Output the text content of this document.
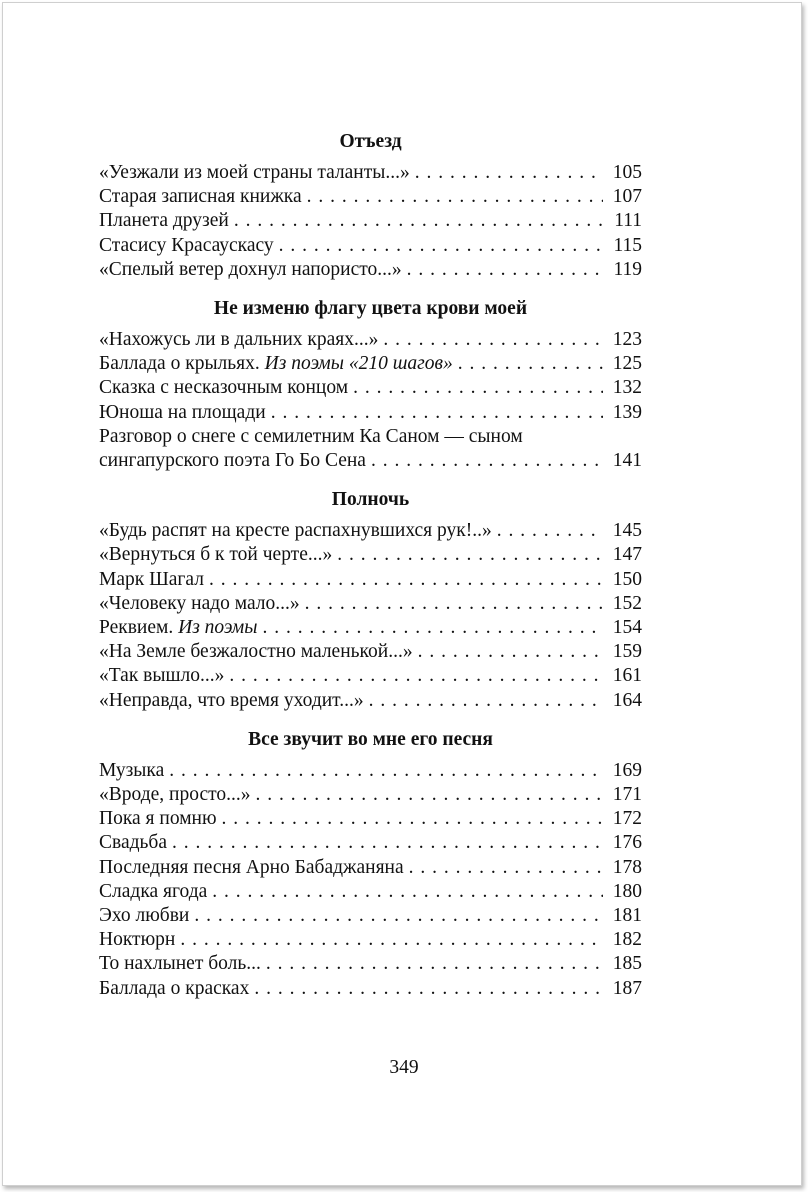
Отъезд
«Уезжали из моей страны таланты...» . . .	105
Старая записная книжка . . .	107
Планета друзей . . .	111
Стасису Красаускасу . . .	115
«Спелый ветер дохнул напористо...» . . .	119
Не изменю флагу цвета крови моей
«Нахожусь ли в дальних краях...» . . .	123
Баллада о крыльях. Из поэмы «210 шагов» . . .	125
Сказка с несказочным концом . . .	132
Юноша на площади . . .	139
Разговор о снеге с семилетним Ка Саном — сыном
сингапурского поэта Го Бо Сена . . .	141
Полночь
«Будь распят на кресте распахнувшихся рук!..» . . .	145
«Вернуться б к той черте...» . . .	147
Марк Шагал . . .	150
«Человеку надо мало...» . . .	152
Реквием. Из поэмы . . .	154
«На Земле безжалостно маленькой...» . . .	159
«Так вышло...» . . .	161
«Неправда, что время уходит...» . . .	164
Все звучит во мне его песня
Музыка . . .	169
«Вроде, просто...» . . .	171
Пока я помню . . .	172
Свадьба . . .	176
Последняя песня Арно Бабаджаняна . . .	178
Сладка ягода . . .	180
Эхо любви . . .	181
Ноктюрн . . .	182
То нахлынет боль... . . .	185
Баллада о красках . . .	187
349
